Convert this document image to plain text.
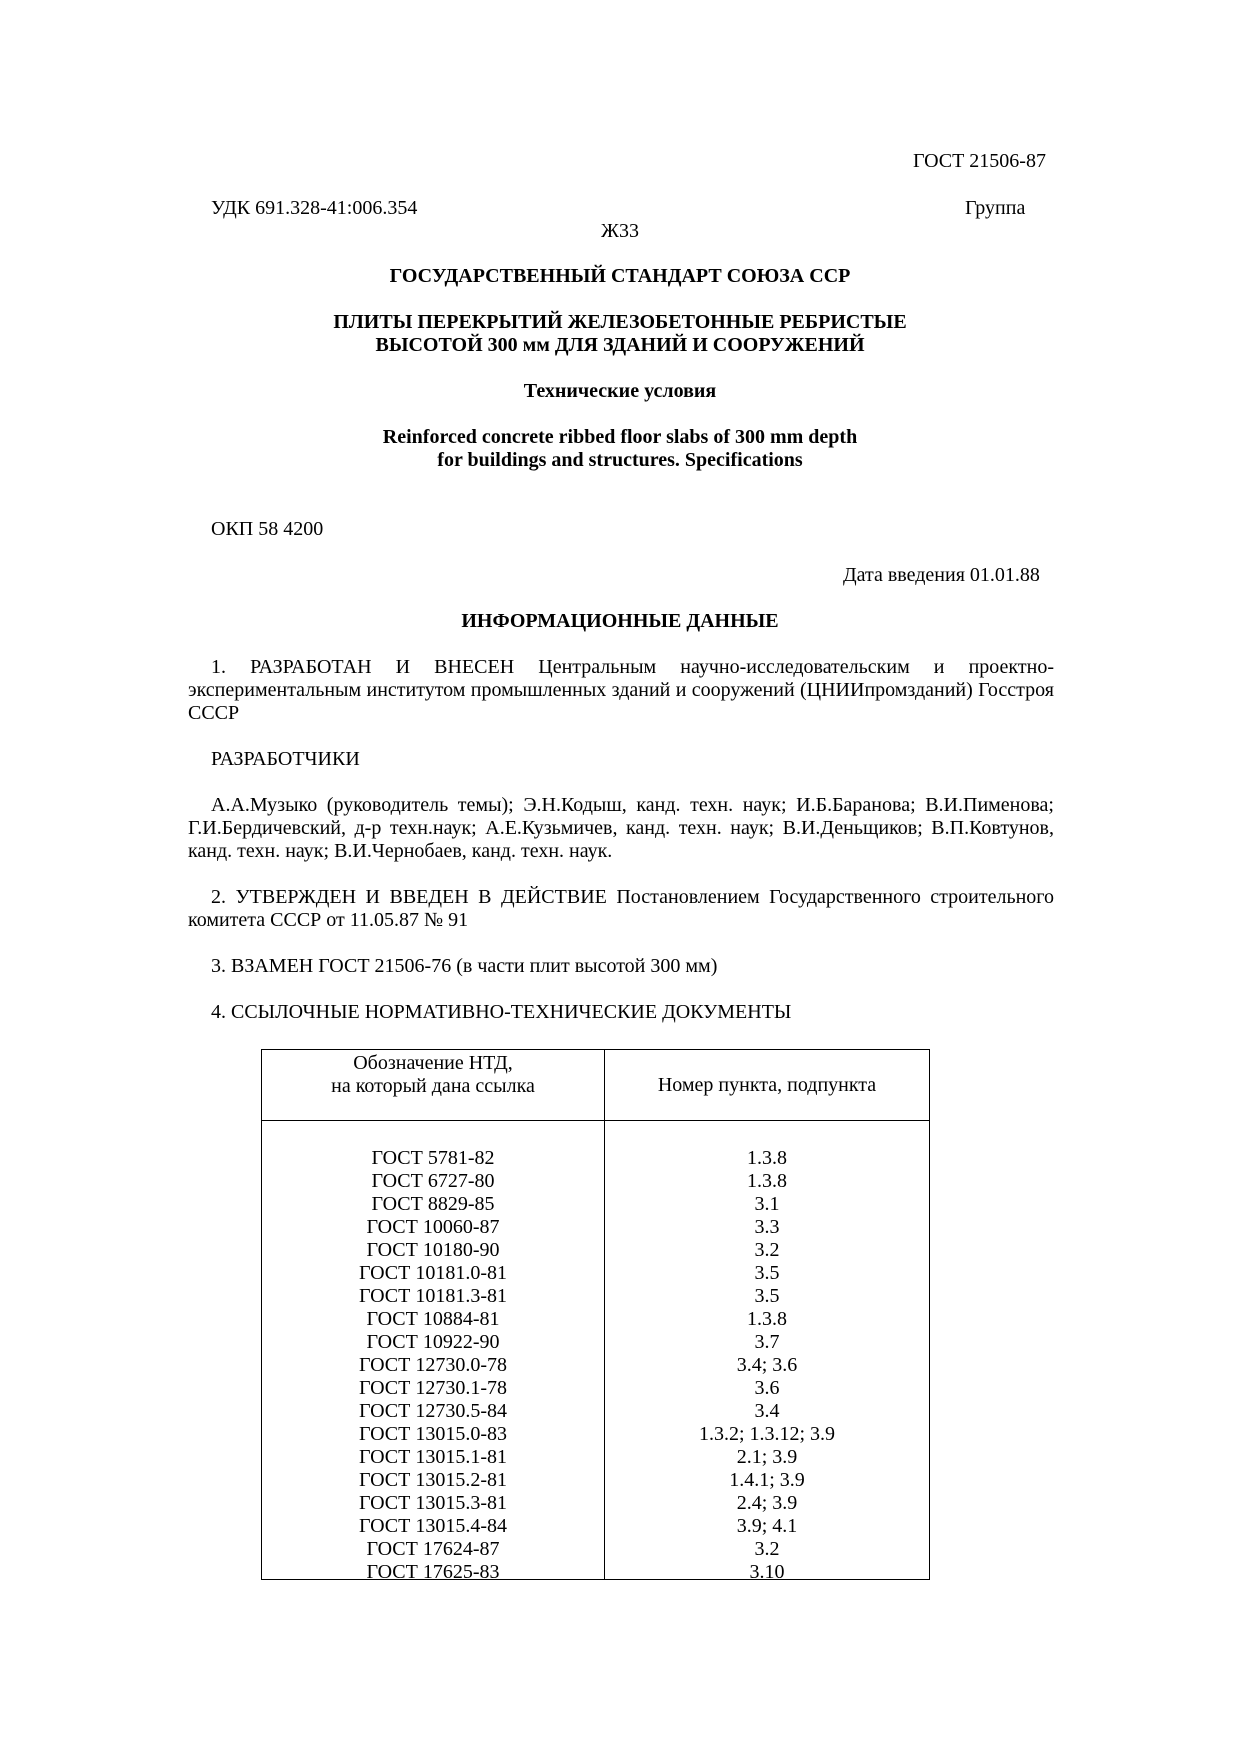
ГОСТ 21506-87
УДК 691.328-41:006.354	Группа
Ж33
ГОСУДАРСТВЕННЫЙ СТАНДАРТ СОЮЗА ССР
ПЛИТЫ ПЕРЕКРЫТИЙ ЖЕЛЕЗОБЕТОННЫЕ РЕБРИСТЫЕ
ВЫСОТОЙ 300 мм ДЛЯ ЗДАНИЙ И СООРУЖЕНИЙ
Технические условия
Reinforced concrete ribbed floor slabs of 300 mm depth
for buildings and structures. Specifications
ОКП 58 4200
Дата введения 01.01.88
ИНФОРМАЦИОННЫЕ ДАННЫЕ
1. РАЗРАБОТАН И ВНЕСЕН Центральным научно-исследовательским и проектно-экспериментальным институтом промышленных зданий и сооружений (ЦНИИпромзданий) Госстроя СССР
РАЗРАБОТЧИКИ
А.А.Музыко (руководитель темы); Э.Н.Кодыш, канд. техн. наук; И.Б.Баранова; В.И.Пименова; Г.И.Бердичевский, д-р техн.наук; А.Е.Кузьмичев, канд. техн. наук; В.И.Деньщиков; В.П.Ковтунов, канд. техн. наук; В.И.Чернобаев, канд. техн. наук.
2. УТВЕРЖДЕН И ВВЕДЕН В ДЕЙСТВИЕ Постановлением Государственного строительного комитета СССР от 11.05.87 № 91
3. ВЗАМЕН ГОСТ 21506-76 (в части плит высотой 300 мм)
4. ССЫЛОЧНЫЕ НОРМАТИВНО-ТЕХНИЧЕСКИЕ ДОКУМЕНТЫ
Обозначение НТД,
на который дана ссылка	Номер пункта, подпункта
ГОСТ 5781-82
ГОСТ 6727-80
ГОСТ 8829-85
ГОСТ 10060-87
ГОСТ 10180-90
ГОСТ 10181.0-81
ГОСТ 10181.3-81
ГОСТ 10884-81
ГОСТ 10922-90
ГОСТ 12730.0-78
ГОСТ 12730.1-78
ГОСТ 12730.5-84
ГОСТ 13015.0-83
ГОСТ 13015.1-81
ГОСТ 13015.2-81
ГОСТ 13015.3-81
ГОСТ 13015.4-84
ГОСТ 17624-87
ГОСТ 17625-83
1.3.8
1.3.8
3.1
3.3
3.2
3.5
3.5
1.3.8
3.7
3.4; 3.6
3.6
3.4
1.3.2; 1.3.12; 3.9
2.1; 3.9
1.4.1; 3.9
2.4; 3.9
3.9; 4.1
3.2
3.10
